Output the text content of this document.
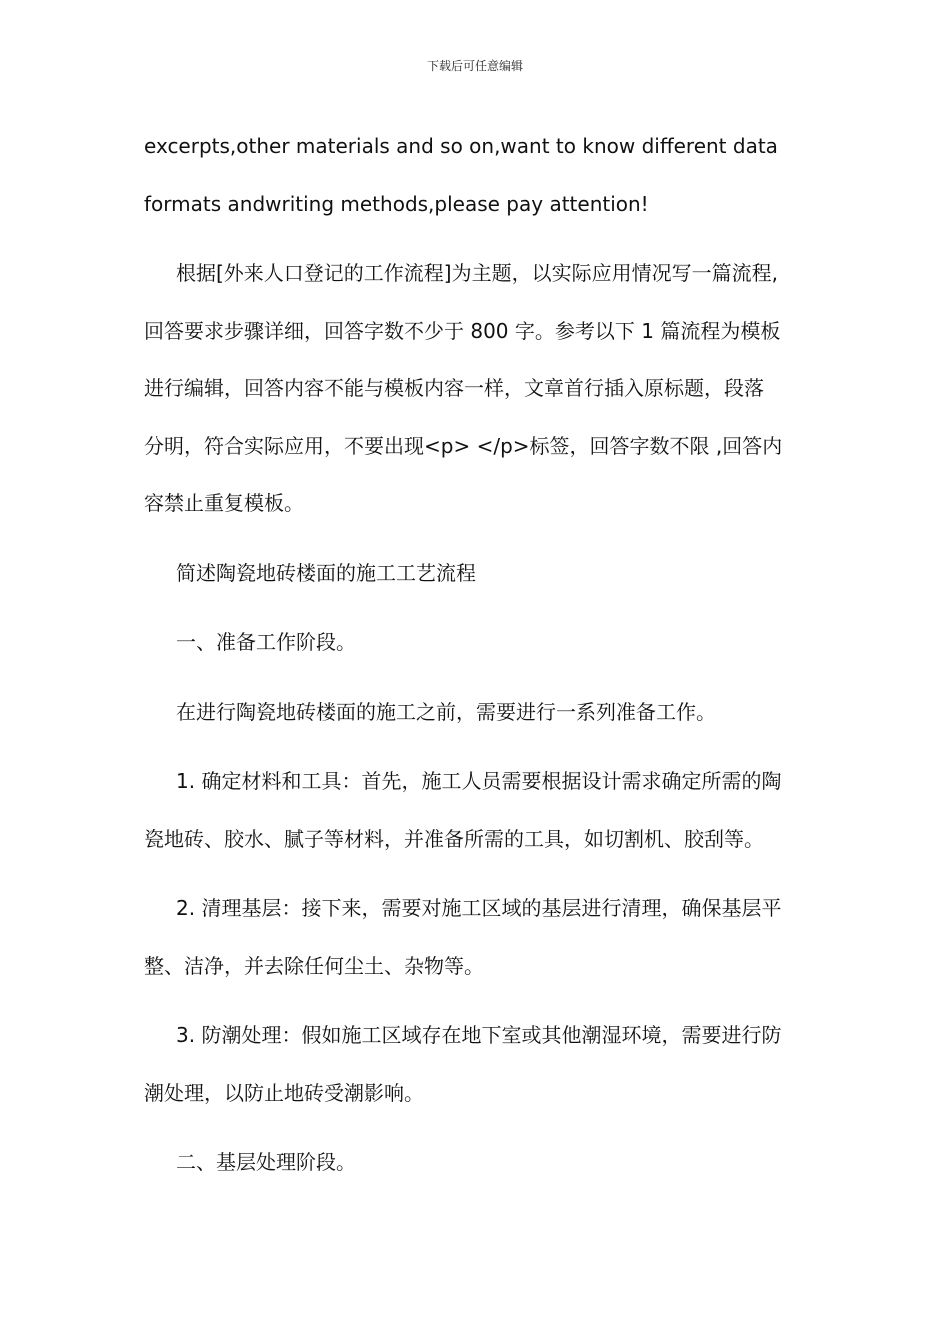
下载后可任意编辑
excerpts,other materials and so on,want to know different data
formats andwriting methods,please pay attention!
根据[外来人口登记的工作流程]为主题，以实际应用情况写一篇流程,
回答要求步骤详细，回答字数不少于 800 字。参考以下 1 篇流程为模板
进行编辑，回答内容不能与模板内容一样，文章首行插入原标题，段落
分明，符合实际应用，不要出现<p> </p>标签，回答字数不限 ,回答内
容禁止重复模板。
简述陶瓷地砖楼面的施工工艺流程
一、准备工作阶段。
在进行陶瓷地砖楼面的施工之前，需要进行一系列准备工作。
1. 确定材料和工具：首先，施工人员需要根据设计需求确定所需的陶
瓷地砖、胶水、腻子等材料，并准备所需的工具，如切割机、胶刮等。
2. 清理基层：接下来，需要对施工区域的基层进行清理，确保基层平
整、洁净，并去除任何尘土、杂物等。
3. 防潮处理：假如施工区域存在地下室或其他潮湿环境，需要进行防
潮处理，以防止地砖受潮影响。
二、基层处理阶段。
